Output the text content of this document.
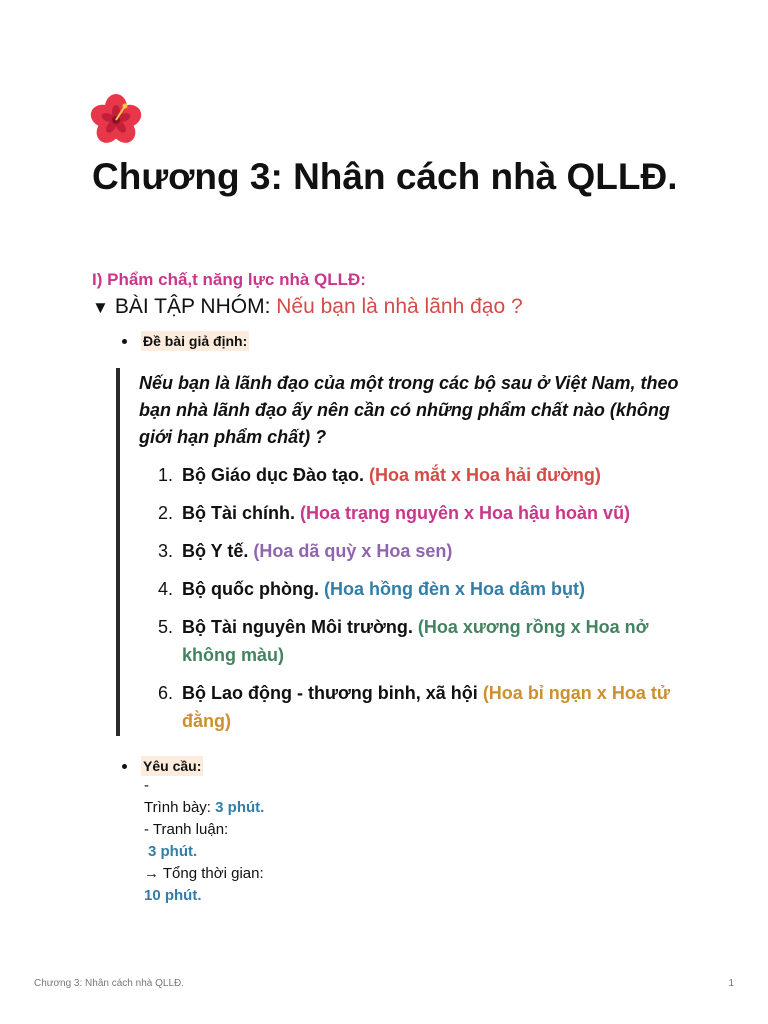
Chương 3: Nhân cách nhà QLLĐ.
I) Phẩm chấ,t năng lực nhà QLLĐ:
▼ BÀI TẬP NHÓM: Nếu bạn là nhà lãnh đạo ?
Đề bài giả định:
Nếu bạn là lãnh đạo của một trong các bộ sau ở Việt Nam, theo bạn nhà lãnh đạo ấy nên cần có những phẩm chất nào (không giới hạn phẩm chất) ?
1. Bộ Giáo dục Đào tạo. (Hoa mắt x Hoa hải đường)
2. Bộ Tài chính. (Hoa trạng nguyên x Hoa hậu hoàn vũ)
3. Bộ Y tế. (Hoa dã quỳ x Hoa sen)
4. Bộ quốc phòng. (Hoa hồng đèn x Hoa dâm bụt)
5. Bộ Tài nguyên Môi trường. (Hoa xương rồng x Hoa nở không màu)
6. Bộ Lao động - thương binh, xã hội (Hoa bỉ ngạn x Hoa tử đằng)
Yêu cầu:
-
Trình bày: 3 phút.
- Tranh luận:
3 phút.
→ Tổng thời gian:
10 phút.
Chương 3: Nhân cách nhà QLLĐ.	1
